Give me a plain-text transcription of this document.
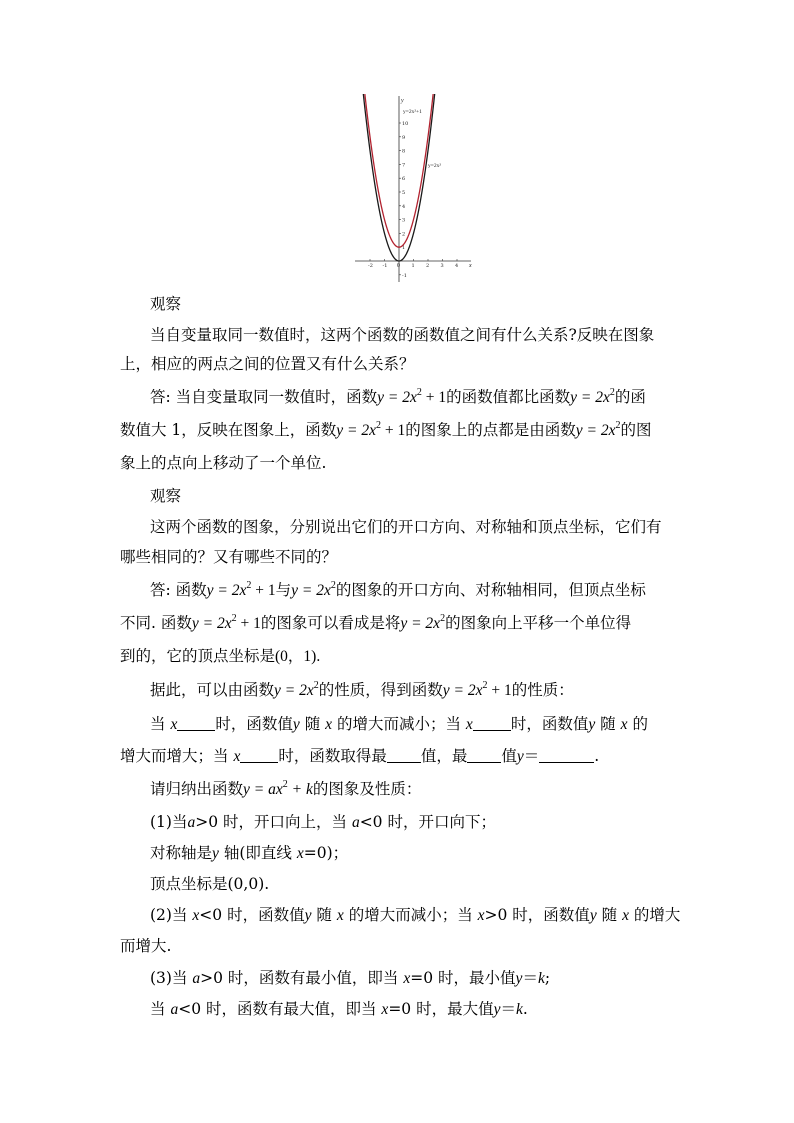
x
y
0
-2 -1	1 2 3 4
10
9
8
7
6
5
4
3
2
1
-1
y=2x²+1
y=2x²
观察
当自变量取同一数值时，这两个函数的函数值之间有什么关系?反映在图象
上，相应的两点之间的位置又有什么关系？
答: 当自变量取同一数值时，函数$y = 2x^2 + 1$的函数值都比函数$y = 2x^2$的函
数值大 1，反映在图象上，函数$y = 2x^2 + 1$的图象上的点都是由函数$y = 2x^2$的图
象上的点向上移动了一个单位.
观察
这两个函数的图象，分别说出它们的开口方向、对称轴和顶点坐标，它们有
哪些相同的？又有哪些不同的？
答: 函数$y = 2x^2 + 1$与$y = 2x^2$的图象的开口方向、对称轴相同，但顶点坐标
不同. 函数$y = 2x^2 + 1$的图象可以看成是将$y = 2x^2$的图象向上平移一个单位得
到的，它的顶点坐标是(0，1).
据此，可以由函数$y = 2x^2$的性质，得到函数$y = 2x^2 + 1$的性质：
当 x 时，函数值y 随 x 的增大而减小；当 x 时，函数值y 随 x 的
增大而增大；当 x 时，函数取得最 值，最 值y＝	.
请归纳出函数$y = ax^2 + k$的图象及性质：
(1)当a>0 时，开口向上，当 a<0 时，开口向下；
对称轴是y 轴(即直线 x=0)；
顶点坐标是(0,0).
(2)当 x<0 时，函数值y 随 x 的增大而减小；当 x>0 时，函数值y 随 x 的增大
而增大.
(3)当 a>0 时，函数有最小值，即当 x=0 时，最小值y＝k;
当 a<0 时，函数有最大值，即当 x=0 时，最大值y＝k.
